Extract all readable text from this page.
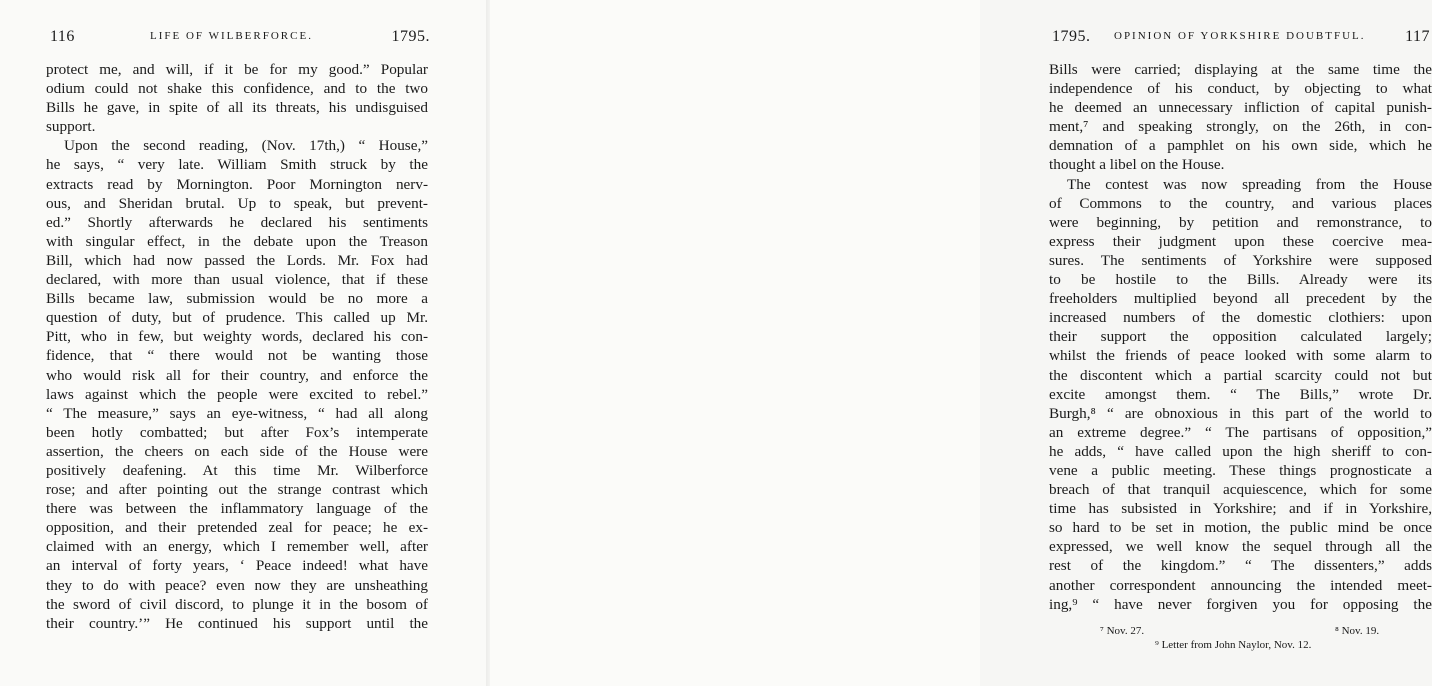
116	LIFE OF WILBERFORCE.	1795.
protect me, and will, if it be for my good.” Popular
odium could not shake this confidence, and to the two
Bills he gave, in spite of all its threats, his undisguised
support.
Upon the second reading, (Nov. 17th,) “ House,”
he says, “ very late. William Smith struck by the
extracts read by Mornington. Poor Mornington nerv-
ous, and Sheridan brutal. Up to speak, but prevent-
ed.” Shortly afterwards he declared his sentiments
with singular effect, in the debate upon the Treason
Bill, which had now passed the Lords. Mr. Fox had
declared, with more than usual violence, that if these
Bills became law, submission would be no more a
question of duty, but of prudence. This called up Mr.
Pitt, who in few, but weighty words, declared his con-
fidence, that “ there would not be wanting those
who would risk all for their country, and enforce the
laws against which the people were excited to rebel.”
“ The measure,” says an eye-witness, “ had all along
been hotly combatted; but after Fox’s intemperate
assertion, the cheers on each side of the House were
positively deafening. At this time Mr. Wilberforce
rose; and after pointing out the strange contrast which
there was between the inflammatory language of the
opposition, and their pretended zeal for peace; he ex-
claimed with an energy, which I remember well, after
an interval of forty years, ‘ Peace indeed! what have
they to do with peace? even now they are unsheathing
the sword of civil discord, to plunge it in the bosom of
their country.’” He continued his support until the
1795. OPINION OF YORKSHIRE DOUBTFUL. 117
Bills were carried; displaying at the same time the
independence of his conduct, by objecting to what
he deemed an unnecessary infliction of capital punish-
ment,⁷ and speaking strongly, on the 26th, in con-
demnation of a pamphlet on his own side, which he
thought a libel on the House.
The contest was now spreading from the House
of Commons to the country, and various places
were beginning, by petition and remonstrance, to
express their judgment upon these coercive mea-
sures. The sentiments of Yorkshire were supposed
to be hostile to the Bills. Already were its
freeholders multiplied beyond all precedent by the
increased numbers of the domestic clothiers: upon
their support the opposition calculated largely;
whilst the friends of peace looked with some alarm to
the discontent which a partial scarcity could not but
excite amongst them. “ The Bills,” wrote Dr.
Burgh,⁸ “ are obnoxious in this part of the world to
an extreme degree.” “ The partisans of opposition,”
he adds, “ have called upon the high sheriff to con-
vene a public meeting. These things prognosticate a
breach of that tranquil acquiescence, which for some
time has subsisted in Yorkshire; and if in Yorkshire,
so hard to be set in motion, the public mind be once
expressed, we well know the sequel through all the
rest of the kingdom.” “ The dissenters,” adds
another correspondent announcing the intended meet-
ing,⁹ “ have never forgiven you for opposing the
⁷ Nov. 27.	⁸ Nov. 19.
⁹ Letter from John Naylor, Nov. 12.
